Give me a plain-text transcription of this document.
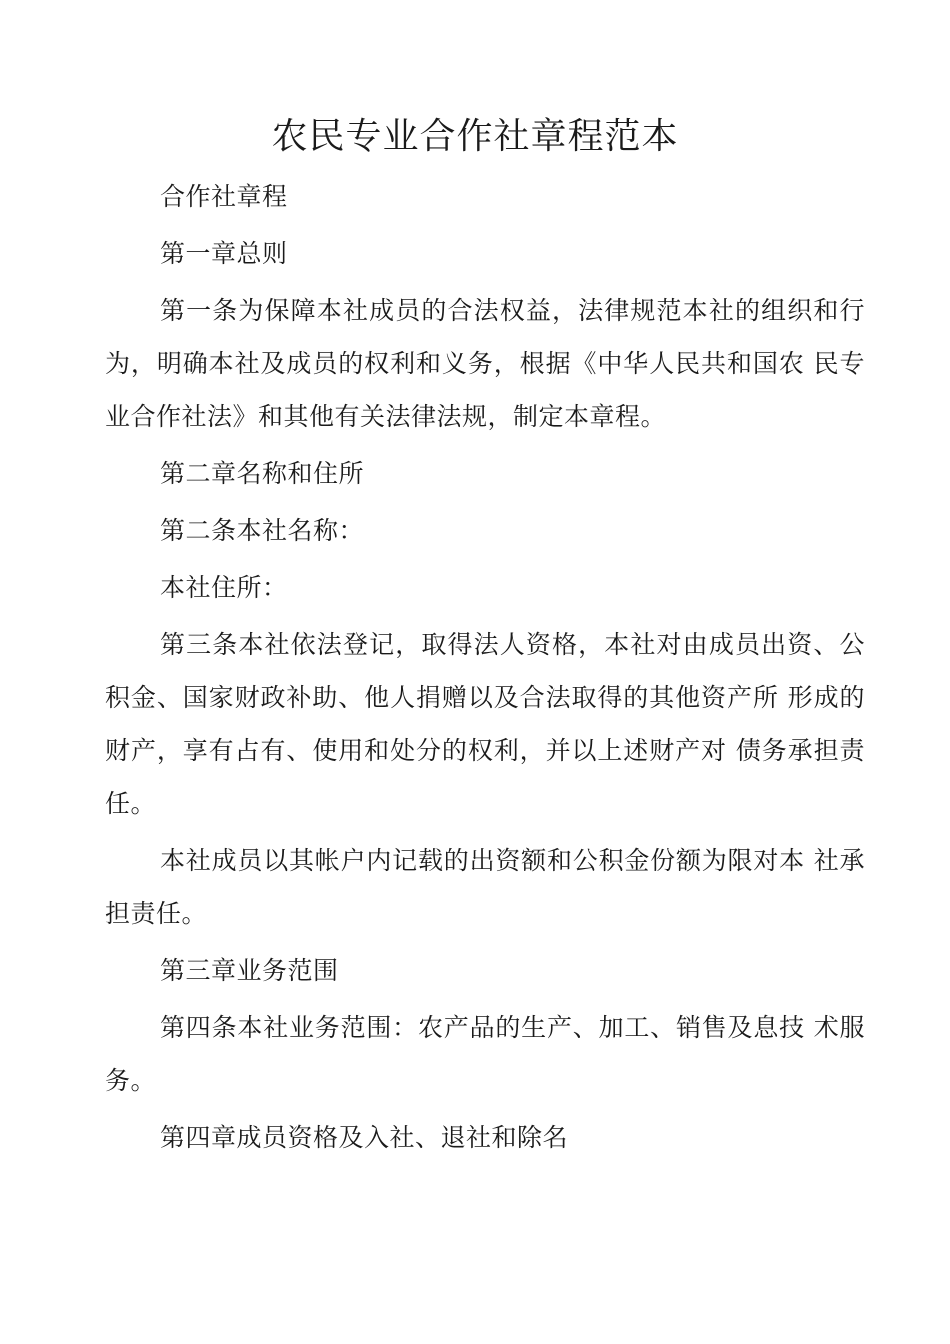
农民专业合作社章程范本

合作社章程

第一章总则

第一条为保障本社成员的合法权益，法律规范本社的组织和行为，明确本社及成员的权利和义务，根据《中华人民共和国农 民专业合作社法》和其他有关法律法规，制定本章程。

第二章名称和住所

第二条本社名称：

本社住所：

第三条本社依法登记，取得法人资格，本社对由成员出资、公积金、国家财政补助、他人捐赠以及合法取得的其他资产所 形成的财产，享有占有、使用和处分的权利，并以上述财产对 债务承担责任。

本社成员以其帐户内记载的出资额和公积金份额为限对本 社承担责任。

第三章业务范围

第四条本社业务范围：农产品的生产、加工、销售及息技 术服务。

第四章成员资格及入社、退社和除名
